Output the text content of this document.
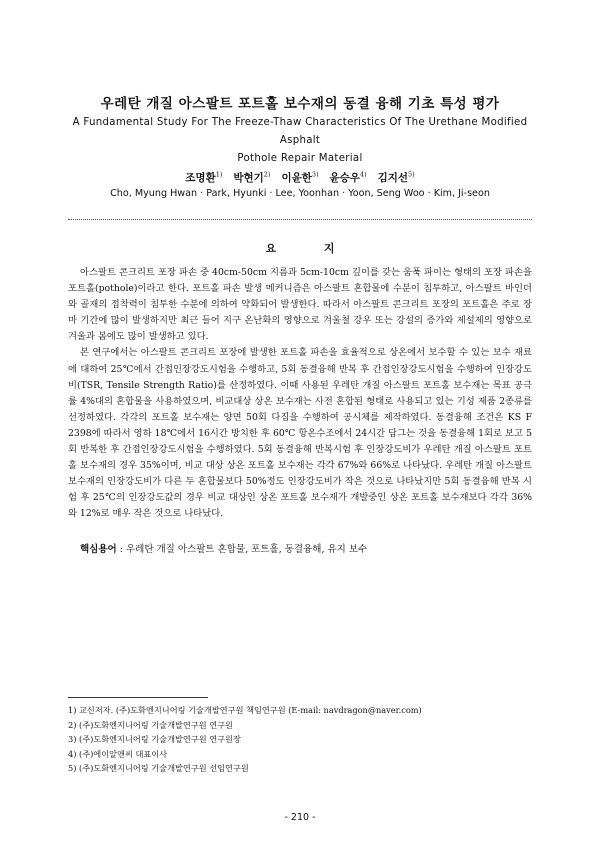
우레탄 개질 아스팔트 포트홀 보수재의 동결 융해 기초 특성 평가
A Fundamental Study For The Freeze-Thaw Characteristics Of The Urethane Modified Asphalt
Pothole Repair Material
조명환$^{1)}$ 박현기$^{2)}$ 이윤한$^{3)}$ 윤승우$^{4)}$ 김지선$^{5)}$
Cho, Myung Hwan · Park, Hyunki · Lee, Yoonhan · Yoon, Seng Woo · Kim, Ji-seon
요 지

아스팔트 콘크리트 포장 파손 중 40cm-50cm 지름과 5cm-10cm 깊이를 갖는 움푹 파이는 형태의 포장 파손을 포트홀(pothole)이라고 한다. 포트홀 파손 발생 메커니즘은 아스팔트 혼합물에 수분이 침투하고, 아스팔트 바인더와 골재의 접착력이 침투한 수분에 의하여 약화되어 발생한다. 따라서 아스팔트 콘크리트 포장의 포트홀은 주로 장마 기간에 많이 발생하지만 최근 들어 지구 온난화의 영향으로 겨울철 강우 또는 강설의 증가와 제설제의 영향으로 겨울과 봄에도 많이 발생하고 있다.

본 연구에서는 아스팔트 콘크리트 포장에 발생한 포트홀 파손을 효율적으로 상온에서 보수할 수 있는 보수 재료에 대하여 25℃에서 간접인장강도시험을 수행하고, 5회 동결융해 반복 후 간접인장강도시험을 수행하여 인장강도비(TSR, Tensile Strength Ratio)를 산정하였다. 이때 사용된 우레탄 개질 아스팔트 포트홀 보수재는 목표 공극률 4%대의 혼합물을 사용하였으며, 비교대상 상온 보수재는 사전 혼합된 형태로 사용되고 있는 기성 제품 2종류를 선정하였다. 각각의 포트홀 보수재는 양면 50회 다짐을 수행하여 공시체를 제작하였다. 동결융해 조건은 KS F 2398에 따라서 영하 18℃에서 16시간 방치한 후 60℃ 항온수조에서 24시간 담그는 것을 동결융해 1회로 보고 5회 반복한 후 간접인장강도시험을 수행하였다. 5회 동결융해 반복시험 후 인장강도비가 우레탄 개질 아스팔트 포트홀 보수재의 경우 35%이며, 비교 대상 상온 포트홀 보수재는 각각 67%와 66%로 나타났다. 우레탄 개질 아스팔트 보수재의 인장강도비가 다른 두 혼합물보다 50%정도 인장강도비가 작은 것으로 나타났지만 5회 동결융해 반복 시험 후 25℃의 인장강도값의 경우 비교 대상인 상온 포트홀 보수재가 개발중인 상온 포트홀 보수재보다 각각 36%와 12%로 매우 작은 것으로 나타났다.

핵심용어 : 우레탄 개질 아스팔트 혼합물, 포트홀, 동결융해, 유지 보수
1) 교신저자. (주)도화엔지니어링 기술개발연구원 책임연구원 (E-mail: navdragon@naver.com)
2) (주)도화엔지니어링 기술개발연구원 연구원
3) (주)도화엔지니어링 기술개발연구원 연구원장
4) (주)에이알앤씨 대표이사
5) (주)도화엔지니어링 기술개발연구원 선임연구원
- 210 -
